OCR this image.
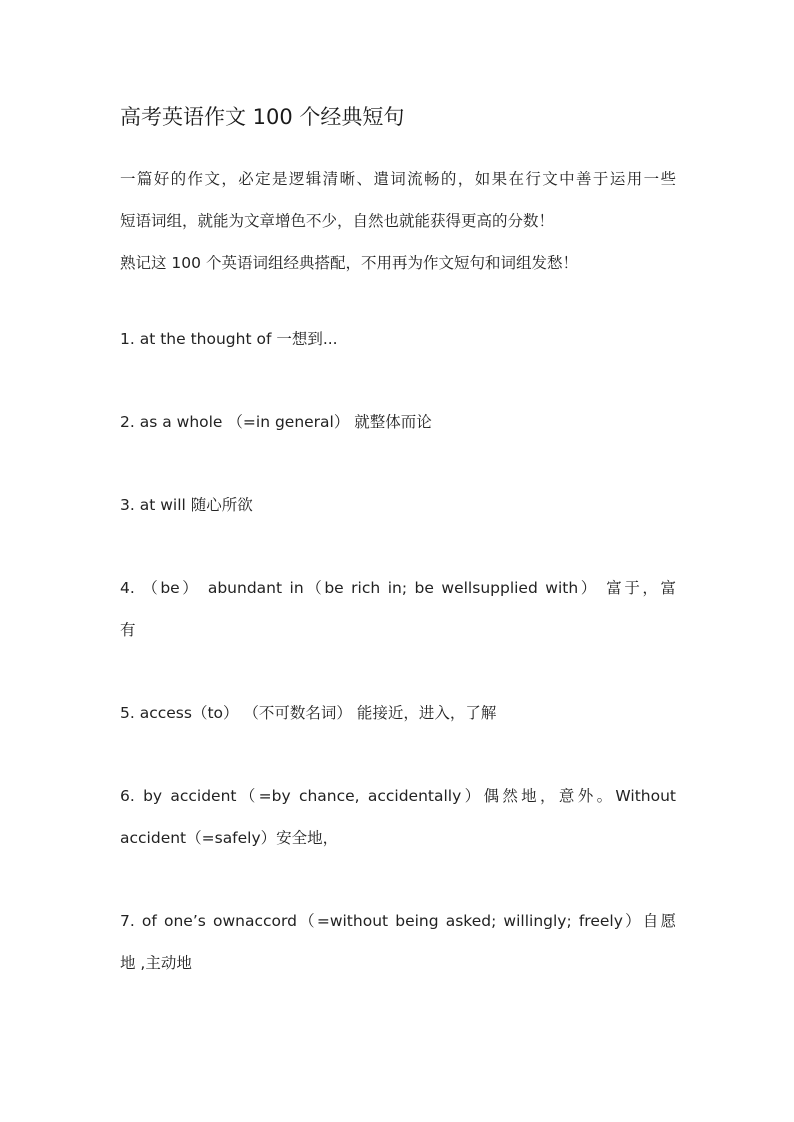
高考英语作文 100 个经典短句

一篇好的作文，必定是逻辑清晰、遣词流畅的，如果在行文中善于运用一些

短语词组，就能为文章增色不少，自然也就能获得更高的分数！

熟记这 100 个英语词组经典搭配，不用再为作文短句和词组发愁！

1. at the thought of 一想到...

2. as a whole （=in general） 就整体而论

3. at will 随心所欲

4. （be） abundant in（be rich in; be wellsupplied with） 富于，富

有

5. access（to） （不可数名词） 能接近，进入，了解

6. by accident（=by chance, accidentally）偶然地，意外。Without

accident（=safely）安全地，

7. of one’s ownaccord（=without being asked; willingly; freely）自愿

地 ,主动地
